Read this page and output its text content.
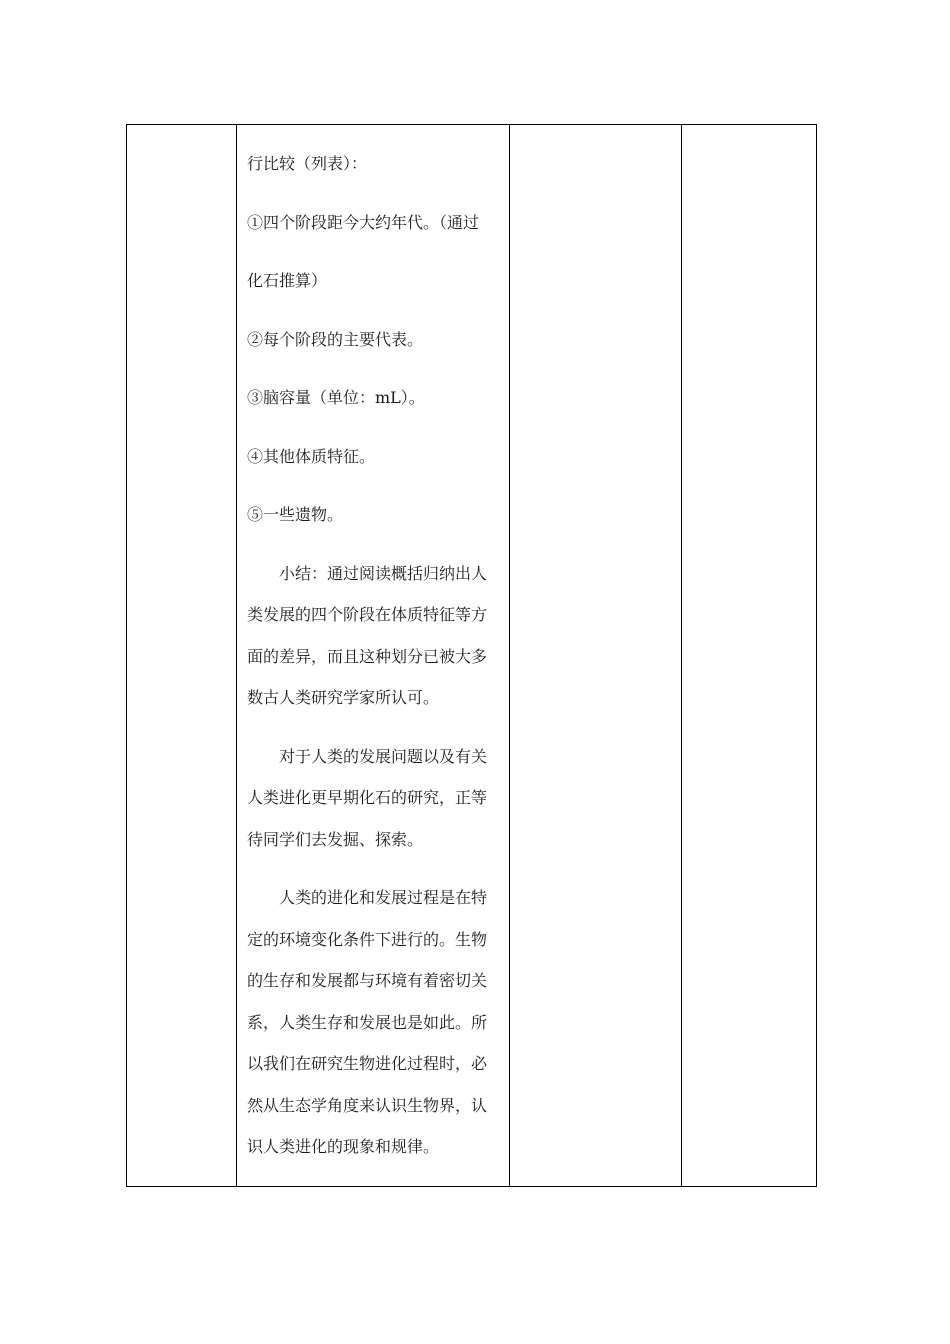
行比较（列表）：
①四个阶段距今大约年代。（通过
化石推算）
②每个阶段的主要代表。
③脑容量（单位：mL）。
④其他体质特征。
⑤一些遗物。
小结：通过阅读概括归纳出人
类发展的四个阶段在体质特征等方
面的差异，而且这种划分已被大多
数古人类研究学家所认可。
对于人类的发展问题以及有关
人类进化更早期化石的研究，正等
待同学们去发掘、探索。
人类的进化和发展过程是在特
定的环境变化条件下进行的。生物
的生存和发展都与环境有着密切关
系，人类生存和发展也是如此。所
以我们在研究生物进化过程时，必
然从生态学角度来认识生物界，认
识人类进化的现象和规律。
